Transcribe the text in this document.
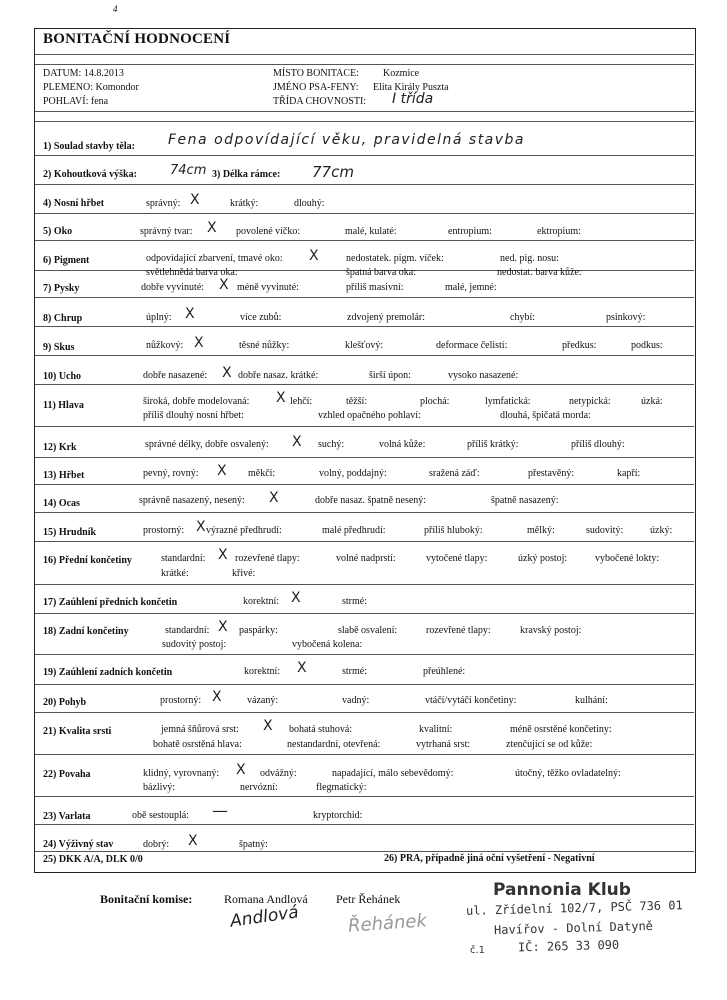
4
BONITAČNÍ HODNOCENÍ
DATUM: 14.8.2013	MÍSTO BONITACE: Kozmice
PLEMENO: Komondor	JMÉNO PSA-FENY: Elita Király Puszta
POHLAVÍ: fena	TŘÍDA CHOVNOSTI: I třída
1) Soulad stavby těla: Fena odpovídající věku, pravidelná stavba
2) Kohoutková výška:	74cm 3) Délka rámce: 77cm
4) Nosní hřbet	správný: X	krátký:	dlouhý:
5) Oko	správný tvar: X povolené víčko:	malé, kulaté:	entropium:	ektropium:
6) Pigment	odpovídající zbarvení, tmavé oko: X	nedostatek. pigm. víček:	ned. pig. nosu:
světlehnědá barva oka:	špatná barva oka:	nedostat. barva kůže:
7) Pysky	dobře vyvinuté: X méně vyvinuté:	příliš masivní:	malé, jemné:
8) Chrup	úplný: X	více zubů:	zdvojený premolár:	chybí:	psinkový:
9) Skus	nůžkový: X	těsné nůžky:	klešťový:	deformace čelistí:	předkus:	podkus:
10) Ucho	dobře nasazené: X dobře nasaz. krátké:	širší úpon:	vysoko nasazené:
11) Hlava	široká, dobře modelovaná: X lehčí:	těžší:	plochá:	lymfatická:	netypická:	úzká:
příliš dlouhý nosní hřbet:	vzhled opačného pohlaví:	dlouhá, špičatá morda:
12) Krk	správné délky, dobře osvalený: X suchý:	volná kůže:	příliš krátký:	příliš dlouhý:
13) Hřbet	pevný, rovný: X měkčí:	volný, poddajný:	sražená záď:	přestavěný:	kapří:
14) Ocas	správně nasazený, nesený: X	dobře nasaz. špatně nesený:	špatně nasazený:
15) Hrudník	prostorný: X výrazné předhrudí:	malé předhrudí:	příliš hluboký:	mělký:	sudovitý:	úzký:
16) Přední končetiny	standardní: X rozevřené tlapy:	volné nadprstí:	vytočené tlapy:	úzký postoj:	vybočené lokty:
krátké:	křivé:
17) Zaúhlení předních končetin	korektní: X	strmé:
18) Zadní končetiny	standardní: X paspárky:	slabě osvalení:	rozevřené tlapy:	kravský postoj:
sudovitý postoj:	vybočená kolena:
19) Zaúhlení zadních končetin	korektní: X	strmé:	přeúhlené:
20) Pohyb	prostorný: X	vázaný:	vadný:	vtáčí/vytáčí končetiny:	kulhání:
21) Kvalita srsti	jemná šňůrová srst: X bohatá stuhová:	kvalitní:	méně osrstěné končetiny:
bohatě osrstěná hlava:	nestandardní, otevřená:	vytrhaná srst:	ztenčující se od kůže:
22) Povaha	klidný, vyrovnaný: X odvážný:	napadající, málo sebevědomý:	útočný, těžko ovladatelný:
bázlivý:	nervózní:	flegmatický:
23) Varlata	obě sestouplá: —	kryptorchid:
24) Výživný stav	dobrý: X	špatný:
25) DKK A/A, DLK 0/0	26) PRA, případně jiná oční vyšetření - Negativní
Bonitační komise:	Romana Andlová Petr Řehánek
Andlová	Řehánek
Pannonia Klub
ul. Zřídelní 102/7, PSČ 736 01
Havířov - Dolní Datyně
IČ: 265 33 090
č.1
